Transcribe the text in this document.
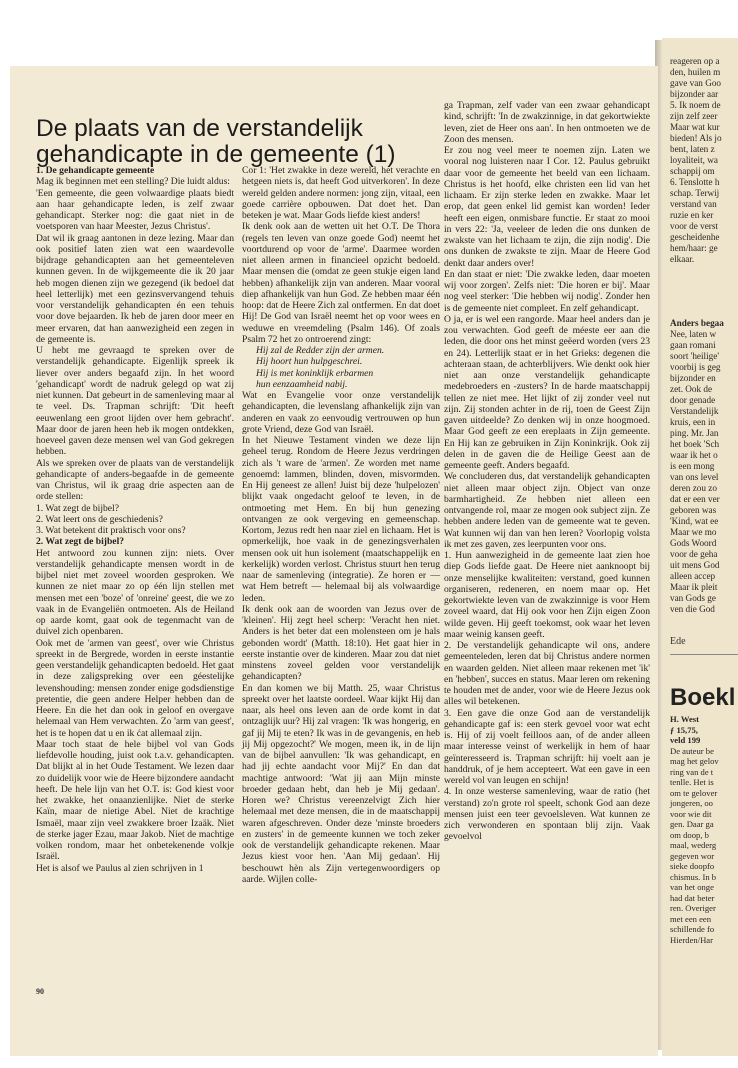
De plaats van de verstandelijk gehandicapte in de gemeente (1)
1. De gehandicapte gemeente

Mag ik beginnen met een stelling? Die luidt aldus:

'Een gemeente, die geen volwaardige plaats biedt aan haar gehandicapte leden, is zelf zwaar gehandicapt. Sterker nog: die gaat niet in de voetsporen van haar Meester, Jezus Christus'.

Dat wil ik graag aantonen in deze lezing. Maar dan ook positief laten zien wat een waardevolle bijdrage gehandicapten aan het gemeenteleven kunnen geven. In de wijkgemeente die ik 20 jaar heb mogen dienen zijn we gezegend (ik bedoel dat heel letterlijk) met een gezinsvervangend tehuis voor verstandelijk gehandicapten én een tehuis voor dove bejaarden. Ik heb de jaren door meer en meer ervaren, dat han aanwezigheid een zegen in de gemeente is.

U hebt me gevraagd te spreken over de verstandelijk gehandicapte. Eigenlijk spreek ik liever over anders begaafd zijn. In het woord 'gehandicapt' wordt de nadruk gelegd op wat zij niet kunnen. Dat gebeurt in de samenleving maar al te veel. Ds. Trapman schrijft: 'Dit heeft eeuwenlang een groot lijden over hem gebracht'. Maar door de jaren heen heb ik mogen ontdekken, hoeveel gaven deze mensen wel van God gekregen hebben.

Als we spreken over de plaats van de verstandelijk gehandicapte of anders-begaafde in de gemeente van Christus, wil ik graag drie aspecten aan de orde stellen:

1. Wat zegt de bijbel?

2. Wat leert ons de geschiedenis?

3. Wat betekent dit praktisch voor ons?

2. Wat zegt de bijbel?

Het antwoord zou kunnen zijn: niets. Over verstandelijk gehandicapte mensen wordt in de bijbel niet met zoveel woorden gesproken. We kunnen ze niet maar zo op één lijn stellen met mensen met een 'boze' of 'onreine' geest, die we zo vaak in de Evangeliën ontmoeten. Als de Heiland op aarde komt, gaat ook de tegenmacht van de duivel zich openbaren.

Ook met de 'armen van geest', over wie Christus spreekt in de Bergrede, worden in eerste instantie geen verstandelijk gehandicapten bedoeld. Het gaat in deze zaligspreking over een géestelijke levenshouding: mensen zonder enige godsdienstige pretentie, die geen andere Helper hebben dan de Heere. En die het dan ook in geloof en overgave helemaal van Hem verwachten. Zo 'arm van geest', het is te hopen dat u en ik ćat allemaal zijn.

Maar toch staat de hele bijbel vol van Gods liefdevolle houding, juist ook t.a.v. gehandicapten. Dat blijkt al in het Oude Testament. We lezen daar zo duidelijk voor wie de Heere bijzondere aandacht heeft. De hele lijn van het O.T. is: God kiest voor het zwakke, het onaanzienlijke. Niet de sterke Kaïn, maar de nietige Abel. Niet de krachtige Ismaël, maar zijn veel zwakkere broer Izaäk. Niet de sterke jager Ezau, maar Jakob. Niet de machtige volken rondom, maar het onbetekenende volkje Israël.

Het is alsof we Paulus al zien schrijven in 1

Cor 1: 'Het zwakke in deze wereld, het verachte en hetgeen niets is, dat heeft God uitverkoren'. In deze wereld gelden andere normen: jong zijn, vitaal, een goede carrière opbouwen. Dat doet het. Dan beteken je wat. Maar Gods liefde kiest anders!

Ik denk ook aan de wetten uit het O.T. De Thora (regels ten leven van onze goede God) neemt het voortdurend op voor de 'arme'. Daarmee worden niet alleen armen in financieel opzicht bedoeld. Maar mensen die (omdat ze geen stukje eigen land hebben) afhankelijk zijn van anderen. Maar vooral diep afhankelijk van hun God. Ze hebben maar één hoop: dat de Heere Zich zal ontfermen. En dat doet Hij! De God van Israël neemt het op voor wees en weduwe en vreemdeling (Psalm 146). Of zoals Psalm 72 het zo ontroerend zingt:

Hij zal de Redder zijn der armen.

Hij hoort hun hulpgeschrei.

Hij is met koninklijk erbarmen

hun eenzaamheid nabij.

Wat en Evangelie voor onze verstandelijk gehandicapten, die levenslang afhankelijk zijn van anderen en vaak zo eenvoudig vertrouwen op hun grote Vriend, deze God van Israël.

In het Nieuwe Testament vinden we deze lijn geheel terug. Rondom de Heere Jezus verdringen zich als 't ware de 'armen'. Ze worden met name genoemd: lammen, blinden, doven, misvormden. En Hij geneest ze allen! Juist bij deze 'hulpelozen' blijkt vaak ongedacht geloof te leven, in de ontmoeting met Hem. En bij hun genezing ontvangen ze ook vergeving en gemeenschap. Kortom, Jezus redt hen naar ziel en lichaam. Het is opmerkelijk, hoe vaak in de genezingsverhalen mensen ook uit hun isolement (maatschappelijk en kerkelijk) worden verlost. Christus stuurt hen terug naar de samenleving (integratie). Ze horen er — wat Hem betreft — helemaal bij als volwaardige leden.

Ik denk ook aan de woorden van Jezus over de 'kleinen'. Hij zegt heel scherp: 'Veracht hen niet. Anders is het beter dat een molensteen om je hals gebonden wordt' (Matth. 18:10). Het gaat hier in eerste instantie over de kinderen. Maar zou dat niet minstens zoveel gelden voor verstandelijk gehandicapten?

En dan komen we bij Matth. 25, waar Christus spreekt over het laatste oordeel. Waar kijkt Hij dan naar, als heel ons leven aan de orde komt in dat ontzaglijk uur? Hij zal vragen: 'Ik was hongerig, en gaf jij Mij te eten? Ik was in de gevangenis, en heb jij Mij opgezocht?' We mogen, meen ik, in de lijn van de bijbel aanvullen: 'Ik was gehandicapt, en had jij echte aandacht voor Mij?' En dan dat machtige antwoord: 'Wat jij aan Mijn minste broeder gedaan hebt, dan heb je Mij gedaan'. Horen we? Christus vereenzelvigt Zich hier helemaal met deze mensen, die in de maatschappij waren afgeschreven. Onder deze 'minste broeders en zusters' in de gemeente kunnen we toch zeker ook de verstandelijk gehandicapte rekenen. Maar Jezus kiest voor hen. 'Aan Mij gedaan'. Hij beschouwt hèn als Zijn vertegenwoordigers op aarde. Wijlen colle-

ga Trapman, zelf vader van een zwaar gehandicapt kind, schrijft: 'In de zwakzinnige, in dat gekortwiekte leven, ziet de Heer ons aan'. In hen ontmoeten we de Zoon des mensen.

Er zou nog veel meer te noemen zijn. Laten we vooral nog luisteren naar I Cor. 12. Paulus gebruikt daar voor de gemeente het beeld van een lichaam. Christus is het hoofd, elke christen een lid van het lichaam. Er zijn sterke leden en zwakke. Maar let erop, dat geen enkel lid gemist kan worden! Ieder heeft een eigen, onmisbare functie. Er staat zo mooi in vers 22: 'Ja, veeleer de leden die ons dunken de zwakste van het lichaam te zijn, die zijn nodig'. Die ons dunken de zwakste te zijn. Maar de Heere God denkt daar anders over!

En dan staat er niet: 'Die zwakke leden, daar moeten wij voor zorgen'. Zelfs niet: 'Die horen er bij'. Maar nog veel sterker: 'Die hebben wij nodig'. Zonder hen is de gemeente niet compleet. En zelf gehandicapt.

O ja, er is wel een rangorde. Maar heel anders dan je zou verwachten. God geeft de méeste eer aan die leden, die door ons het minst geëerd worden (vers 23 en 24). Letterlijk staat er in het Grieks: degenen die achteraan staan, de achterblijvers. Wie denkt ook hier niet aan onze verstandelijk gehandicapte medebroeders en -zusters? In de harde maatschappij tellen ze niet mee. Het lijkt of zij zonder veel nut zijn. Zij stonden achter in de rij, toen de Geest Zijn gaven uitdeelde? Zo denken wij in onze hoogmoed. Maar God geeft ze een ereplaats in Zijn gemeente. En Hij kan ze gebruiken in Zijn Koninkrijk. Ook zij delen in de gaven die de Heilige Geest aan de gemeente geeft. Anders begaafd.

We concluderen dus, dat verstandelijk gehandicapten niet alleen maar object zijn. Object van onze barmhartigheid. Ze hebben niet alleen een ontvangende rol, maar ze mogen ook subject zijn. Ze hebben andere leden van de gemeente wat te geven. Wat kunnen wij dan van hen leren? Voorlopig volsta ik met zes gaven, zes leerpunten voor ons.

1. Hun aanwezigheid in de gemeente laat zien hoe diep Gods liefde gaat. De Heere niet aanknoopt bij onze menselijke kwaliteiten: verstand, goed kunnen organiseren, redeneren, en noem maar op. Het gekortwiekte leven van de zwakzinnige is voor Hem zoveel waard, dat Hij ook voor hen Zijn eigen Zoon wilde geven. Hij geeft toekomst, ook waar het leven maar weinig kansen geeft.

2. De verstandelijk gehandicapte wil ons, andere gemeenteleden, leren dat bij Christus andere normen en waarden gelden. Niet alleen maar rekenen met 'ik' en 'hebben', succes en status. Maar leren om rekening te houden met de ander, voor wie de Heere Jezus ook alles wil betekenen.

3. Een gave die onze God aan de verstandelijk gehandicapte gaf is: een sterk gevoel voor wat echt is. Hij of zij voelt feilloos aan, of de ander alleen maar interesse veinst of werkelijk in hem of haar geïnteresseerd is. Trapman schrijft: hij voelt aan je handdruk, of je hem accepteert. Wat een gave in een wereld vol van leugen en schijn!

4. In onze westerse samenleving, waar de ratio (het verstand) zo'n grote rol speelt, schonk God aan deze mensen juist een teer gevoelsleven. Wat kunnen ze zich verwonderen en spontaan blij zijn. Vaak gevoelvol

90

reageren op a

den, huilen m

gave van Goo

bijzonder aar

5. Ik noem de

zijn zelf zeer

Maar wat kur

bieden! Als jo

bent, laten z

loyaliteit, wa

schappij om

6. Tenslotte h

schap. Terwij

verstand van

ruzie en ker

voor de verst

gescheidenhe

hem/haar: ge

elkaar.

Anders begaa

Nee, laten w

gaan romani

soort 'heilige'

voorbij is geg

bijzonder en

zet. Ook de

door genade

Verstandelijk

kruis, een in

ping. Mr. Jan

het boek 'Sch

waar ik het o

is een mong

van ons level

deren zou zo

dat er een ver

geboren was

'Kind, wat ee

Maar we mo

Gods Woord

voor de geha

uit mens God

alleen accep

Maar ik pleit

van Gods ge

ven die God

Ede
Boekl

H. West

ƒ 15,75,

veld 199

De auteur be

mag het gelov

ring van de t

tenlle. Het is

om te gelover

jongeren, oo

voor wie dit

gen. Daar ga

om doop, b

maal, wederg

gegeven wor

sieke doopfo

chismus. In b

van het onge

had dat beter

ren. Overiger

met een een

schillende fo

Hierden/Har
